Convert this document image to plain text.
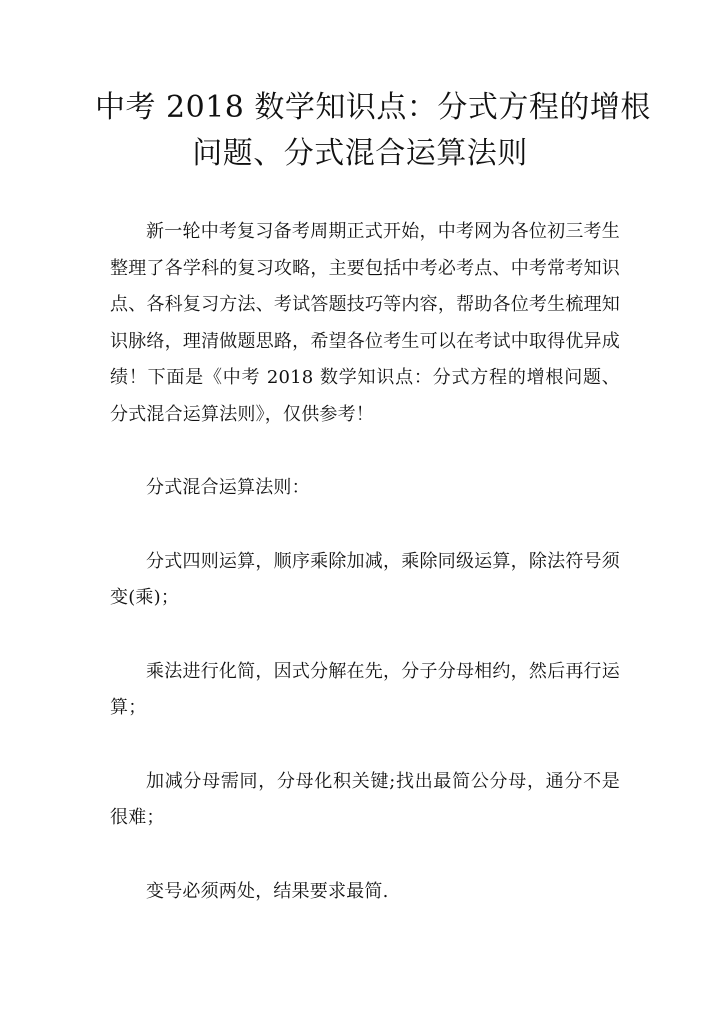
中考 2018 数学知识点：分式方程的增根
问题、分式混合运算法则

新一轮中考复习备考周期正式开始，中考网为各位初三考生整理了各学科的复习攻略，主要包括中考必考点、中考常考知识点、各科复习方法、考试答题技巧等内容，帮助各位考生梳理知识脉络，理清做题思路，希望各位考生可以在考试中取得优异成绩！下面是《中考 2018 数学知识点：分式方程的增根问题、分式混合运算法则》，仅供参考！

分式混合运算法则：

分式四则运算，顺序乘除加减，乘除同级运算，除法符号须变(乘)；

乘法进行化简，因式分解在先，分子分母相约，然后再行运算；

加减分母需同，分母化积关键;找出最简公分母，通分不是很难；

变号必须两处，结果要求最简.
